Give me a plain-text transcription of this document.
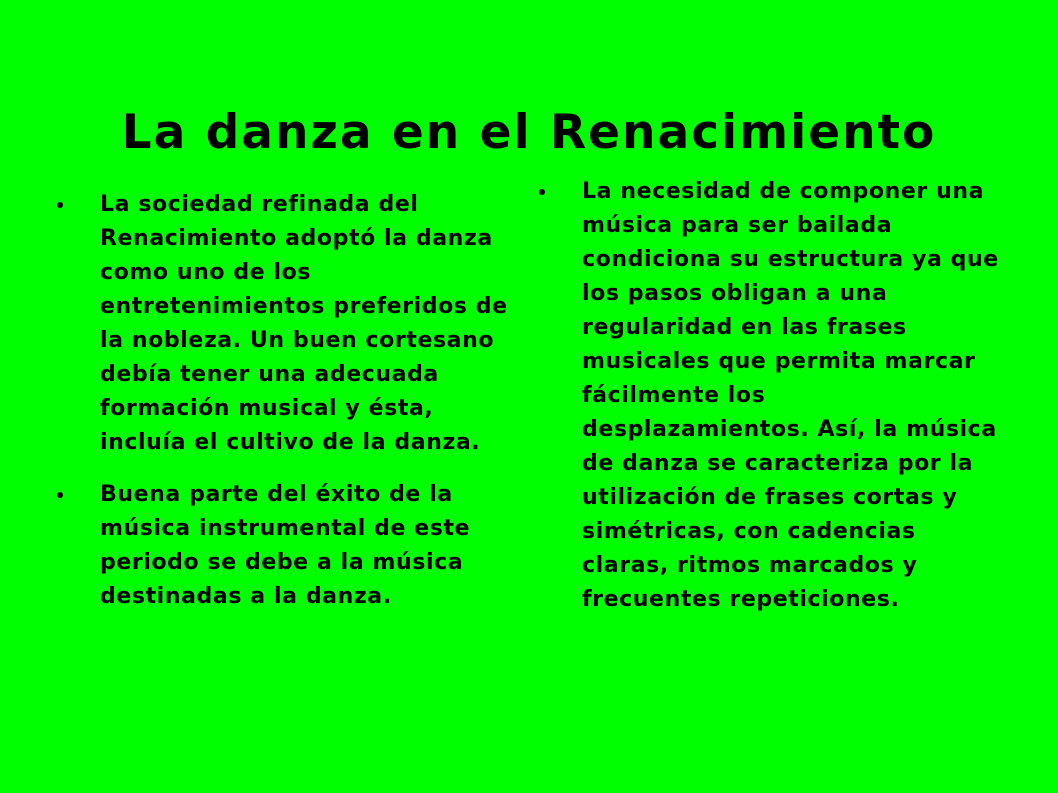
La danza en el Renacimiento
La sociedad refinada del Renacimiento adoptó la danza como uno de los entretenimientos preferidos de la nobleza. Un buen cortesano debía tener una adecuada formación musical y ésta, incluía el cultivo de la danza.
Buena parte del éxito de la música instrumental de este periodo se debe a la música destinadas a la danza.
La necesidad de componer una música para ser bailada condiciona su estructura ya que los pasos obligan a una regularidad en las frases musicales que permita marcar fácilmente los desplazamientos. Así, la música de danza se caracteriza por la utilización de frases cortas y simétricas, con cadencias claras, ritmos marcados y frecuentes repeticiones.
